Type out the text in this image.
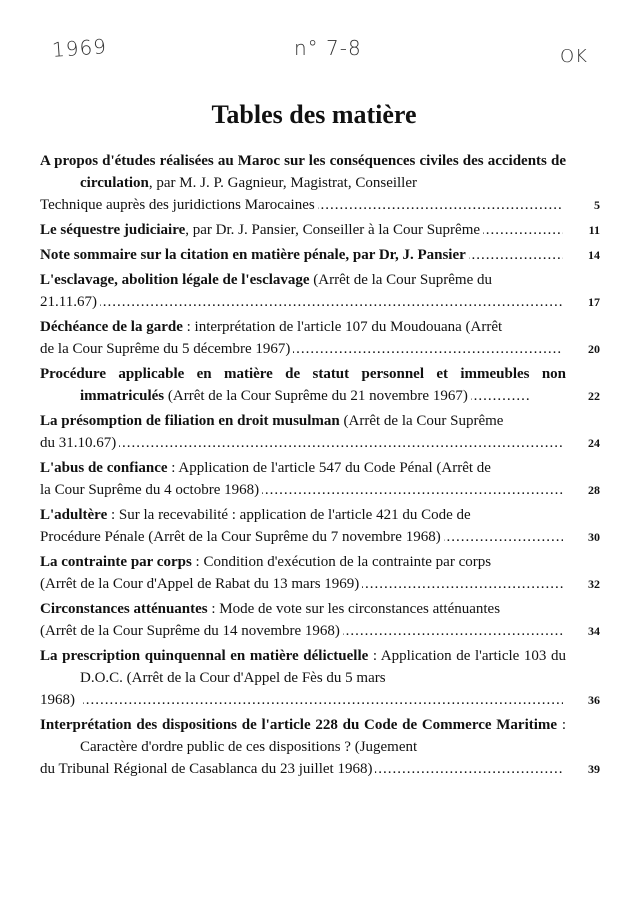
1969	n° 7-8	OK
Tables des matière
A propos d'études réalisées au Maroc sur les conséquences civiles des accidents de circulation, par M. J. P. Gagnieur, Magistrat, Conseiller
Technique auprès des juridictions Marocaines .....	5
Le séquestre judiciaire, par Dr. J. Pansier, Conseiller à la Cour Suprême .....	11
Note sommaire sur la citation en matière pénale, par Dr, J. Pansier .....	14
L'esclavage, abolition légale de l'esclavage (Arrêt de la Cour Suprême du
21.11.67) .....	17
Déchéance de la garde : interprétation de l'article 107 du Moudouana (Arrêt
de la Cour Suprême du 5 décembre 1967) .....	20
Procédure applicable en matière de statut personnel et immeubles non immatriculés (Arrêt de la Cour Suprême du 21 novembre 1967) .....	22
La présomption de filiation en droit musulman (Arrêt de la Cour Suprême
du 31.10.67) .....	24
L'abus de confiance : Application de l'article 547 du Code Pénal (Arrêt de
la Cour Suprême du 4 octobre 1968) .....	28
L'adultère : Sur la recevabilité : application de l'article 421 du Code de
Procédure Pénale (Arrêt de la Cour Suprême du 7 novembre 1968) .....	30
La contrainte par corps : Condition d'exécution de la contrainte par corps
(Arrêt de la Cour d'Appel de Rabat du 13 mars 1969) .....	32
Circonstances atténuantes : Mode de vote sur les circonstances atténuantes
(Arrêt de la Cour Suprême du 14 novembre 1968) .....	34
La prescription quinquennal en matière délictuelle : Application de l'article 103 du D.O.C. (Arrêt de la Cour d'Appel de Fès du 5 mars
1968) .....	36
Interprétation des dispositions de l'article 228 du Code de Commerce Maritime : Caractère d'ordre public de ces dispositions ? (Jugement
du Tribunal Régional de Casablanca du 23 juillet 1968) .....	39
